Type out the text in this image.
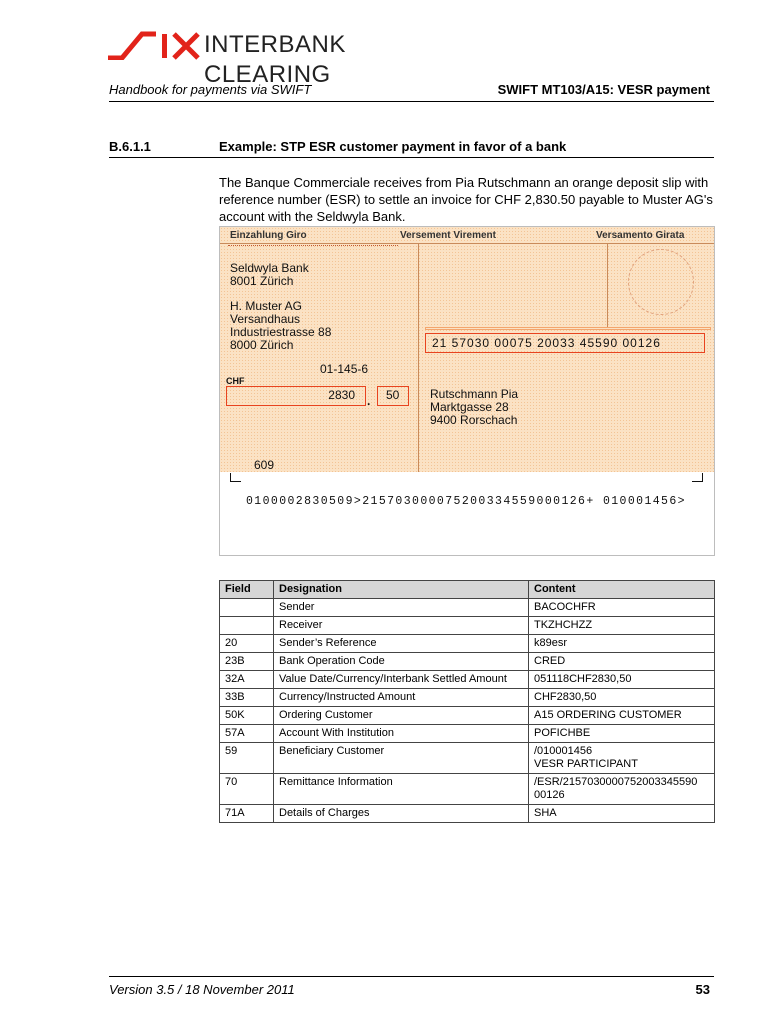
INTERBANK CLEARING
Handbook for payments via SWIFT	SWIFT MT103/A15: VESR payment
B.6.1.1	Example: STP ESR customer payment in favor of a bank
The Banque Commerciale receives from Pia Rutschmann an orange deposit slip with reference number (ESR) to settle an invoice for CHF 2,830.50 payable to Muster AG's account with the Seldwyla Bank.
Einzahlung Giro	Versement Virement	Versamento Girata
Seldwyla Bank
8001 Zürich
H. Muster AG
Versandhaus
Industriestrasse 88
8000 Zürich
01-145-6
CHF
2830 . 50
21 57030 00075 20033 45590 00126
Rutschmann Pia
Marktgasse 28
9400 Rorschach
609
0100002830509>215703000075200334559000126+ 010001456>
Field	Designation	Content
	Sender	BACOCHFR

	Receiver	TKZHCHZZ

20	Sender’s Reference	k89esr

23B	Bank Operation Code	CRED

32A	Value Date/Currency/Interbank Settled Amount	051118CHF2830,50

33B	Currency/Instructed Amount	CHF2830,50

50K	Ordering Customer	A15 ORDERING CUSTOMER

57A	Account With Institution	POFICHBE

59	Beneficiary Customer	/010001456
VESR PARTICIPANT

70	Remittance Information	/ESR/2157030000752003345590
00126

71A	Details of Charges	SHA
Version 3.5 / 18 November 2011	53
